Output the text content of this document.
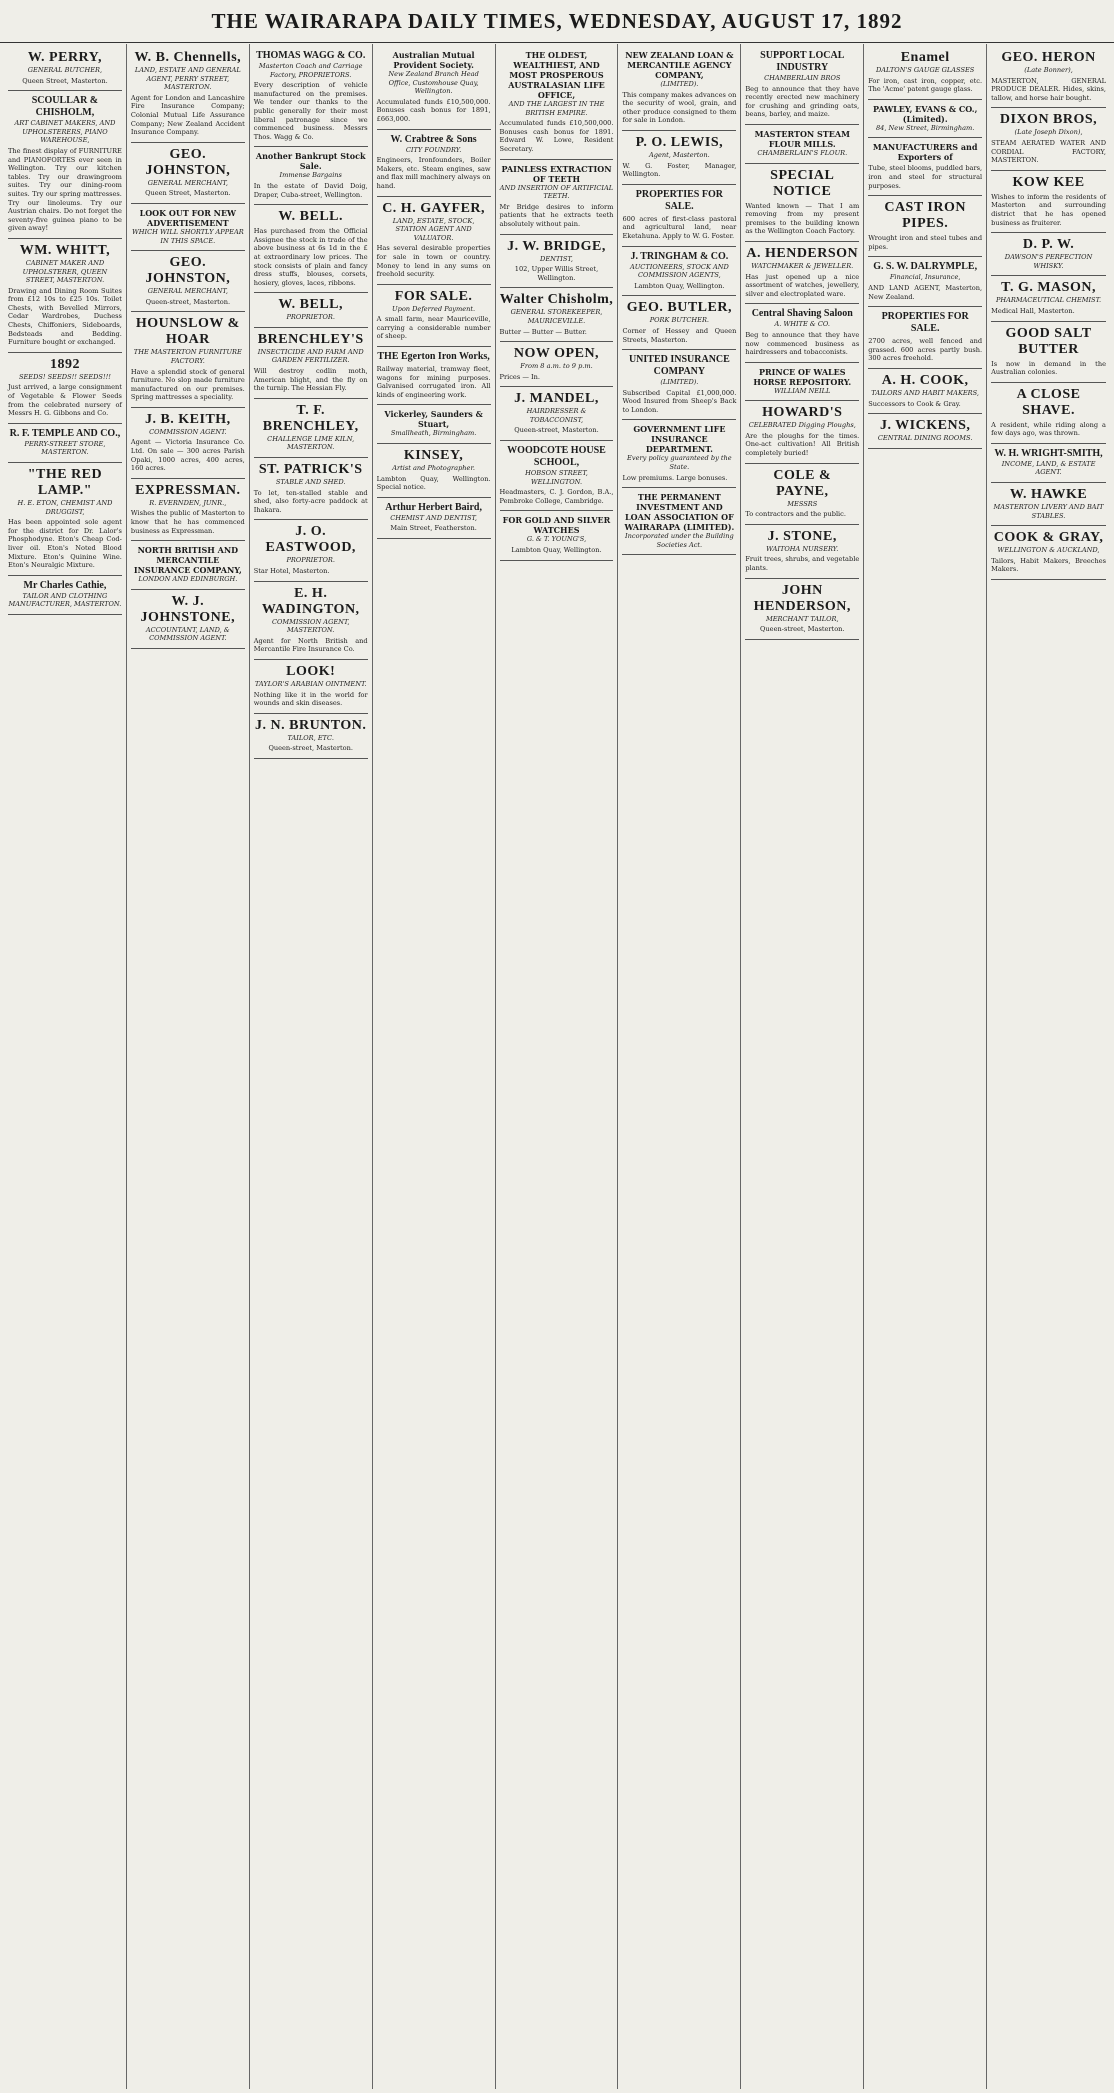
THE WAIRARAPA DAILY TIMES, WEDNESDAY, AUGUST 17, 1892
W. PERRY,
GENERAL BUTCHER,
Queen Street, Masterton.
SCOULLAR & CHISHOLM,
ART CABINET MAKERS, AND UPHOLSTERERS, PIANO WAREHOUSE,
The finest display of FURNITURE and PIANOFORTES ever seen in Wellington. Try our kitchen tables. Try our drawingroom suites. Try our dining-room suites. Try our spring mattresses. Try our linoleums. Try our Austrian chairs. Do not forget the seventy-five guinea piano to be given away!
WM. WHITT,
CABINET MAKER AND UPHOLSTERER, QUEEN STREET, MASTERTON.
Drawing and Dining Room Suites from £12 10s to £25 10s. Toilet Chests, with Bevelled Mirrors, Cedar Wardrobes, Duchess Chests, Chiffoniers, Sideboards, Bedsteads and Bedding. Furniture bought or exchanged.
1892
SEEDS! SEEDS!! SEEDS!!!
Just arrived, a large consignment of Vegetable & Flower Seeds from the celebrated nursery of Messrs H. G. Gibbons and Co.
R. F. TEMPLE AND CO.,
PERRY-STREET STORE, MASTERTON.
"THE RED LAMP."
H. E. ETON, CHEMIST AND DRUGGIST,
Has been appointed sole agent for the district for Dr. Lalor's Phosphodyne. Eton's Cheap Cod-liver oil. Eton's Noted Blood Mixture. Eton's Quinine Wine. Eton's Neuralgic Mixture.
Mr Charles Cathie,
TAILOR AND CLOTHING MANUFACTURER, MASTERTON.
W. B. Chennells,
LAND, ESTATE AND GENERAL AGENT, PERRY STREET, MASTERTON.
Agent for London and Lancashire Fire Insurance Company; Colonial Mutual Life Assurance Company; New Zealand Accident Insurance Company.
GEO. JOHNSTON,
GENERAL MERCHANT,
Queen Street, Masterton.
LOOK OUT FOR NEW ADVERTISEMENT
WHICH WILL SHORTLY APPEAR IN THIS SPACE.
GEO. JOHNSTON,
GENERAL MERCHANT,
Queen-street, Masterton.
HOUNSLOW & HOAR
THE MASTERTON FURNITURE FACTORY.
Have a splendid stock of general furniture. No slop made furniture manufactured on our premises. Spring mattresses a speciality.
J. B. KEITH,
COMMISSION AGENT.
Agent — Victoria Insurance Co. Ltd. On sale — 300 acres Parish Opaki, 1000 acres, 400 acres, 160 acres.
EXPRESSMAN.
R. EVERNDEN, JUNR.,
Wishes the public of Masterton to know that he has commenced business as Expressman.
NORTH BRITISH AND MERCANTILE INSURANCE COMPANY,
LONDON AND EDINBURGH.
W. J. JOHNSTONE,
ACCOUNTANT, LAND, & COMMISSION AGENT.
THOMAS WAGG & CO.
Masterton Coach and Carriage Factory, PROPRIETORS.
Every description of vehicle manufactured on the premises. We tender our thanks to the public generally for their most liberal patronage since we commenced business. Messrs Thos. Wagg & Co.
Another Bankrupt Stock Sale.
Immense Bargains
In the estate of David Doig, Draper, Cuba-street, Wellington.
W. BELL.
Has purchased from the Official Assignee the stock in trade of the above business at 6s 1d in the £ at extraordinary low prices. The stock consists of plain and fancy dress stuffs, blouses, corsets, hosiery, gloves, laces, ribbons.
W. BELL,
PROPRIETOR.
BRENCHLEY'S
INSECTICIDE AND FARM AND GARDEN FERTILIZER.
Will destroy codlin moth, American blight, and the fly on the turnip. The Hessian Fly.
T. F. BRENCHLEY,
CHALLENGE LIME KILN, MASTERTON.
ST. PATRICK'S
STABLE AND SHED.
To let, ten-stalled stable and shed, also forty-acre paddock at Ihakara.
J. O. EASTWOOD,
PROPRIETOR.
Star Hotel, Masterton.
E. H. WADINGTON,
COMMISSION AGENT, MASTERTON.
Agent for North British and Mercantile Fire Insurance Co.
LOOK!
TAYLOR'S ARABIAN OINTMENT.
Nothing like it in the world for wounds and skin diseases.
J. N. BRUNTON.
TAILOR, ETC.
Queen-street, Masterton.
Australian Mutual Provident Society.
New Zealand Branch Head Office, Customhouse Quay, Wellington.
Accumulated funds £10,500,000. Bonuses cash bonus for 1891, £663,000.
W. Crabtree & Sons
CITY FOUNDRY.
Engineers, Ironfounders, Boiler Makers, etc. Steam engines, saw and flax mill machinery always on hand.
C. H. GAYFER,
LAND, ESTATE, STOCK, STATION AGENT AND VALUATOR.
Has several desirable properties for sale in town or country. Money to lend in any sums on freehold security.
FOR SALE.
Upon Deferred Payment.
A small farm, near Mauriceville, carrying a considerable number of sheep.
THE Egerton Iron Works,
Railway material, tramway fleet, wagons for mining purposes. Galvanised corrugated iron. All kinds of engineering work.
Vickerley, Saunders & Stuart,
Smallheath, Birmingham.
KINSEY,
Artist and Photographer.
Lambton Quay, Wellington. Special notice.
Arthur Herbert Baird,
CHEMIST AND DENTIST,
Main Street, Featherston.
THE OLDEST, WEALTHIEST, AND MOST PROSPEROUS AUSTRALASIAN LIFE OFFICE,
AND THE LARGEST IN THE BRITISH EMPIRE.
Accumulated funds £10,500,000. Bonuses cash bonus for 1891. Edward W. Lowe, Resident Secretary.
PAINLESS EXTRACTION OF TEETH
AND INSERTION OF ARTIFICIAL TEETH.
Mr Bridge desires to inform patients that he extracts teeth absolutely without pain.
J. W. BRIDGE,
DENTIST,
102, Upper Willis Street, Wellington.
Walter Chisholm,
GENERAL STOREKEEPER, MAURICEVILLE.
Butter — Butter — Butter.
NOW OPEN,
From 8 a.m. to 9 p.m.
Prices — In.
J. MANDEL,
HAIRDRESSER & TOBACCONIST,
Queen-street, Masterton.
WOODCOTE HOUSE SCHOOL,
HOBSON STREET, WELLINGTON.
Headmasters, C. J. Gordon, B.A., Pembroke College, Cambridge.
FOR GOLD AND SILVER WATCHES
G. & T. YOUNG'S,
Lambton Quay, Wellington.
NEW ZEALAND LOAN & MERCANTILE AGENCY COMPANY,
(LIMITED).
This company makes advances on the security of wool, grain, and other produce consigned to them for sale in London.
P. O. LEWIS,
Agent, Masterton.
W. G. Foster, Manager, Wellington.
PROPERTIES FOR SALE.
600 acres of first-class pastoral and agricultural land, near Eketahuna. Apply to W. G. Foster.
J. TRINGHAM & CO.
AUCTIONEERS, STOCK AND COMMISSION AGENTS,
Lambton Quay, Wellington.
GEO. BUTLER,
PORK BUTCHER.
Corner of Hessey and Queen Streets, Masterton.
UNITED INSURANCE COMPANY
(LIMITED).
Subscribed Capital £1,000,000. Wood Insured from Sheep's Back to London.
GOVERNMENT LIFE INSURANCE DEPARTMENT.
Every policy guaranteed by the State.
Low premiums. Large bonuses.
THE PERMANENT INVESTMENT AND LOAN ASSOCIATION OF WAIRARAPA (LIMITED).
Incorporated under the Building Societies Act.
SUPPORT LOCAL INDUSTRY
CHAMBERLAIN BROS
Beg to announce that they have recently erected new machinery for crushing and grinding oats, beans, barley, and maize.
MASTERTON STEAM FLOUR MILLS.
CHAMBERLAIN'S FLOUR.
SPECIAL NOTICE
Wanted known — That I am removing from my present premises to the building known as the Wellington Coach Factory.
A. HENDERSON
WATCHMAKER & JEWELLER.
Has just opened up a nice assortment of watches, jewellery, silver and electroplated ware.
Central Shaving Saloon
A. WHITE & CO.
Beg to announce that they have now commenced business as hairdressers and tobacconists.
PRINCE OF WALES HORSE REPOSITORY.
WILLIAM NEILL
HOWARD'S
CELEBRATED Digging Ploughs,
Are the ploughs for the times. One-act cultivation! All British completely buried!
COLE & PAYNE,
MESSRS
To contractors and the public.
J. STONE,
WAITOHA NURSERY.
Fruit trees, shrubs, and vegetable plants.
JOHN HENDERSON,
MERCHANT TAILOR,
Queen-street, Masterton.
Enamel
DALTON'S GAUGE GLASSES
For iron, cast iron, copper, etc. The 'Acme' patent gauge glass.
PAWLEY, EVANS & CO., (Limited).
84, New Street, Birmingham.
MANUFACTURERS and Exporters of
Tube, steel blooms, puddled bars, iron and steel for structural purposes.
CAST IRON PIPES.
Wrought iron and steel tubes and pipes.
G. S. W. DALRYMPLE,
Financial, Insurance,
AND LAND AGENT, Masterton, New Zealand.
PROPERTIES FOR SALE.
2700 acres, well fenced and grassed. 600 acres partly bush. 300 acres freehold.
A. H. COOK,
TAILORS AND HABIT MAKERS,
Successors to Cook & Gray.
J. WICKENS,
CENTRAL DINING ROOMS.
GEO. HERON
(Late Bonner),
MASTERTON, GENERAL PRODUCE DEALER. Hides, skins, tallow, and horse hair bought.
DIXON BROS,
(Late Joseph Dixon),
STEAM AERATED WATER AND CORDIAL FACTORY, MASTERTON.
KOW KEE
Wishes to inform the residents of Masterton and surrounding district that he has opened business as fruiterer.
D. P. W.
DAWSON'S PERFECTION WHISKY.
T. G. MASON,
PHARMACEUTICAL CHEMIST.
Medical Hall, Masterton.
GOOD SALT BUTTER
Is now in demand in the Australian colonies.
A CLOSE SHAVE.
A resident, while riding along a few days ago, was thrown.
W. H. WRIGHT-SMITH,
INCOME, LAND, & ESTATE AGENT.
W. HAWKE
MASTERTON LIVERY AND BAIT STABLES.
COOK & GRAY,
WELLINGTON & AUCKLAND,
Tailors, Habit Makers, Breeches Makers.
